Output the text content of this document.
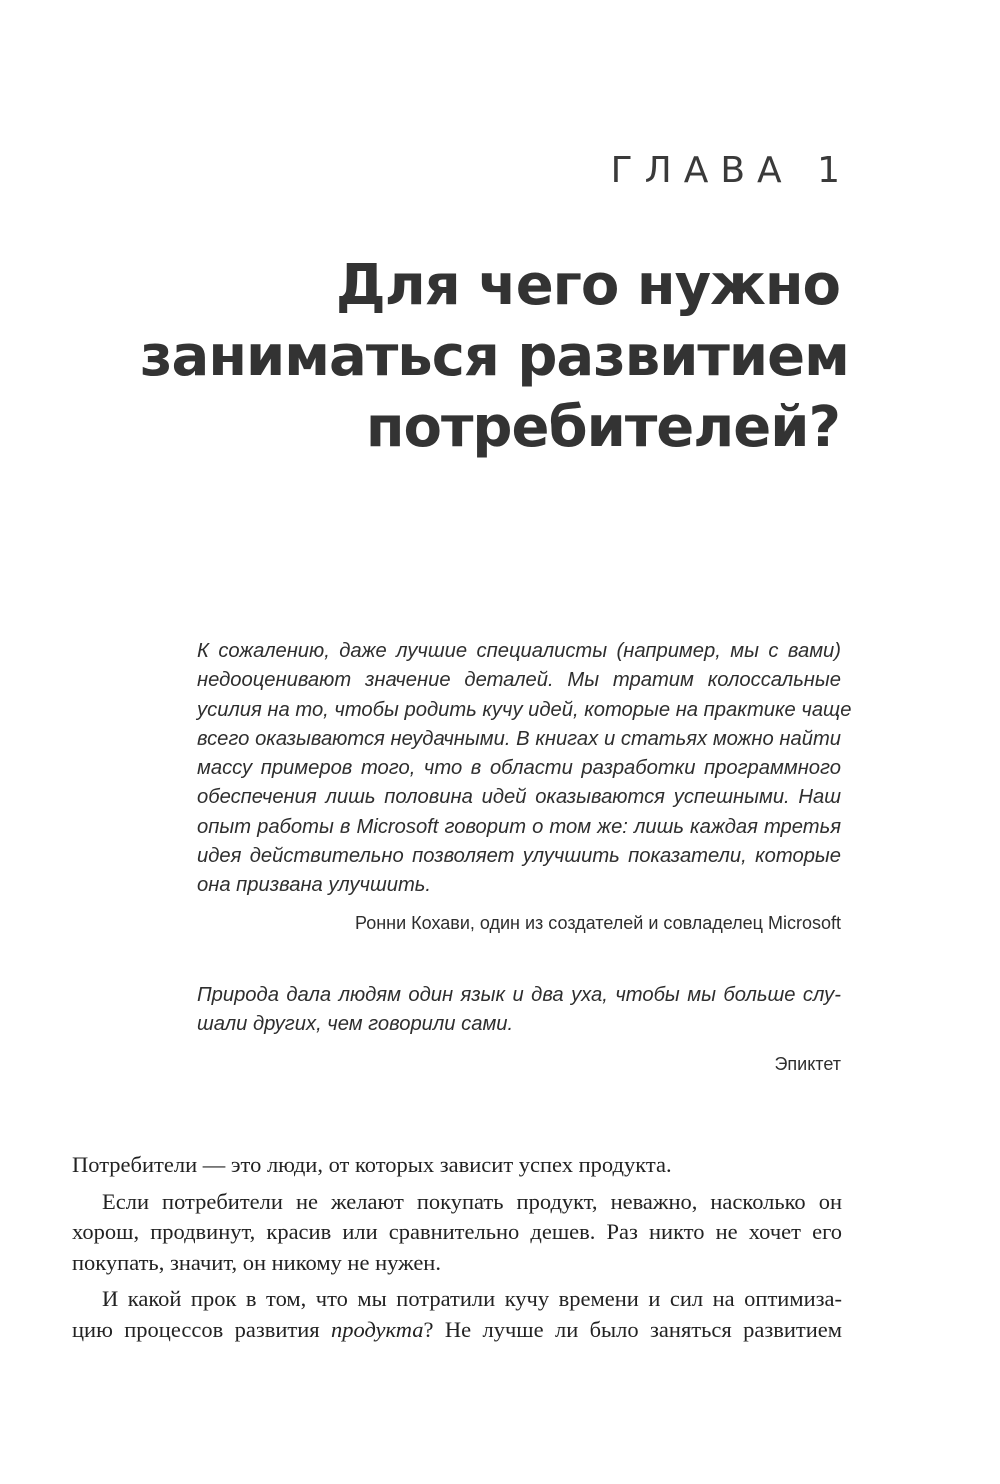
ГЛАВА 1
Для чего нужно
заниматься развитием
потребителей?
К сожалению, даже лучшие специалисты (например, мы с вами)
недооценивают значение деталей. Мы тратим колоссальные
усилия на то, чтобы родить кучу идей, которые на практике чаще
всего оказываются неудачными. В книгах и статьях можно найти
массу примеров того, что в области разработки программного
обеспечения лишь половина идей оказываются успешными. Наш
опыт работы в Microsoft говорит о том же: лишь каждая третья
идея действительно позволяет улучшить показатели, которые
она призвана улучшить.
Ронни Кохави, один из создателей и совладелец Microsoft
Природа дала людям один язык и два уха, чтобы мы больше слу-
шали других, чем говорили сами.
Эпиктет

Потребители — это люди, от которых зависит успех продукта.

Если потребители не желают покупать продукт, неважно, насколько он
хорош, продвинут, красив или сравнительно дешев. Раз никто не хочет его
покупать, значит, он никому не нужен.

И какой прок в том, что мы потратили кучу времени и сил на оптимиза-
цию процессов развития продукта? Не лучше ли было заняться развитием
